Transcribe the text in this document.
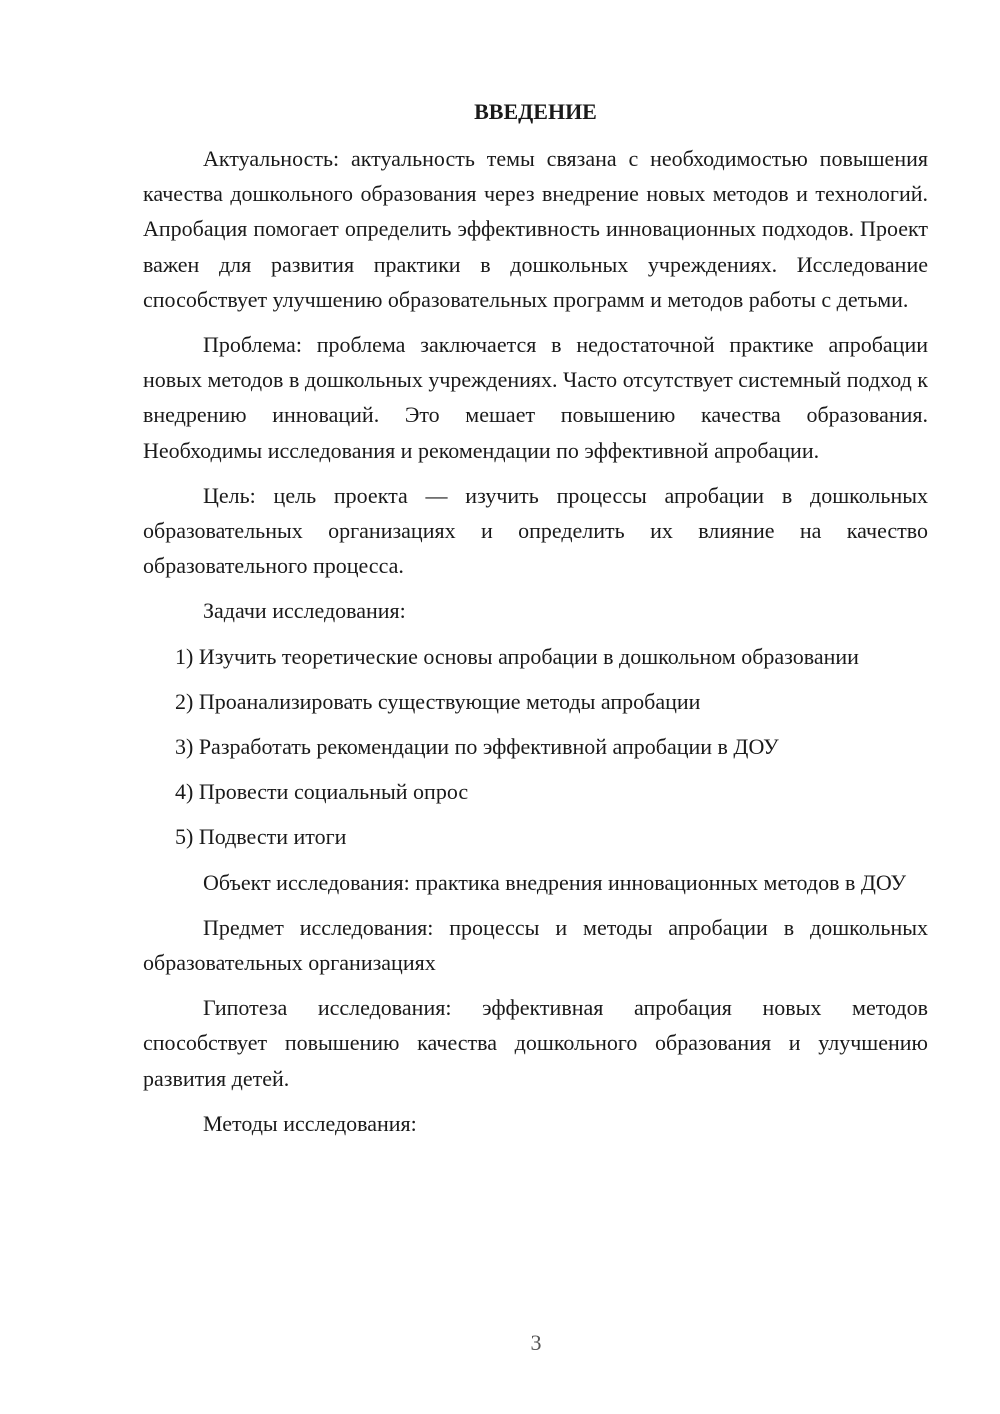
ВВЕДЕНИЕ

Актуальность: актуальность темы связана с необходимостью повышения качества дошкольного образования через внедрение новых методов и технологий. Апробация помогает определить эффективность инновационных подходов. Проект важен для развития практики в дошкольных учреждениях. Исследование способствует улучшению образовательных программ и методов работы с детьми.

Проблема: проблема заключается в недостаточной практике апробации новых методов в дошкольных учреждениях. Часто отсутствует системный подход к внедрению инноваций. Это мешает повышению качества образования. Необходимы исследования и рекомендации по эффективной апробации.

Цель: цель проекта — изучить процессы апробации в дошкольных образовательных организациях и определить их влияние на качество образовательного процесса.

Задачи исследования:

1) Изучить теоретические основы апробации в дошкольном образовании

2) Проанализировать существующие методы апробации

3) Разработать рекомендации по эффективной апробации в ДОУ

4) Провести социальный опрос

5) Подвести итоги

Объект исследования: практика внедрения инновационных методов в ДОУ

Предмет исследования: процессы и методы апробации в дошкольных образовательных организациях

Гипотеза исследования: эффективная апробация новых методов способствует повышению качества дошкольного образования и улучшению развития детей.

Методы исследования:

3
